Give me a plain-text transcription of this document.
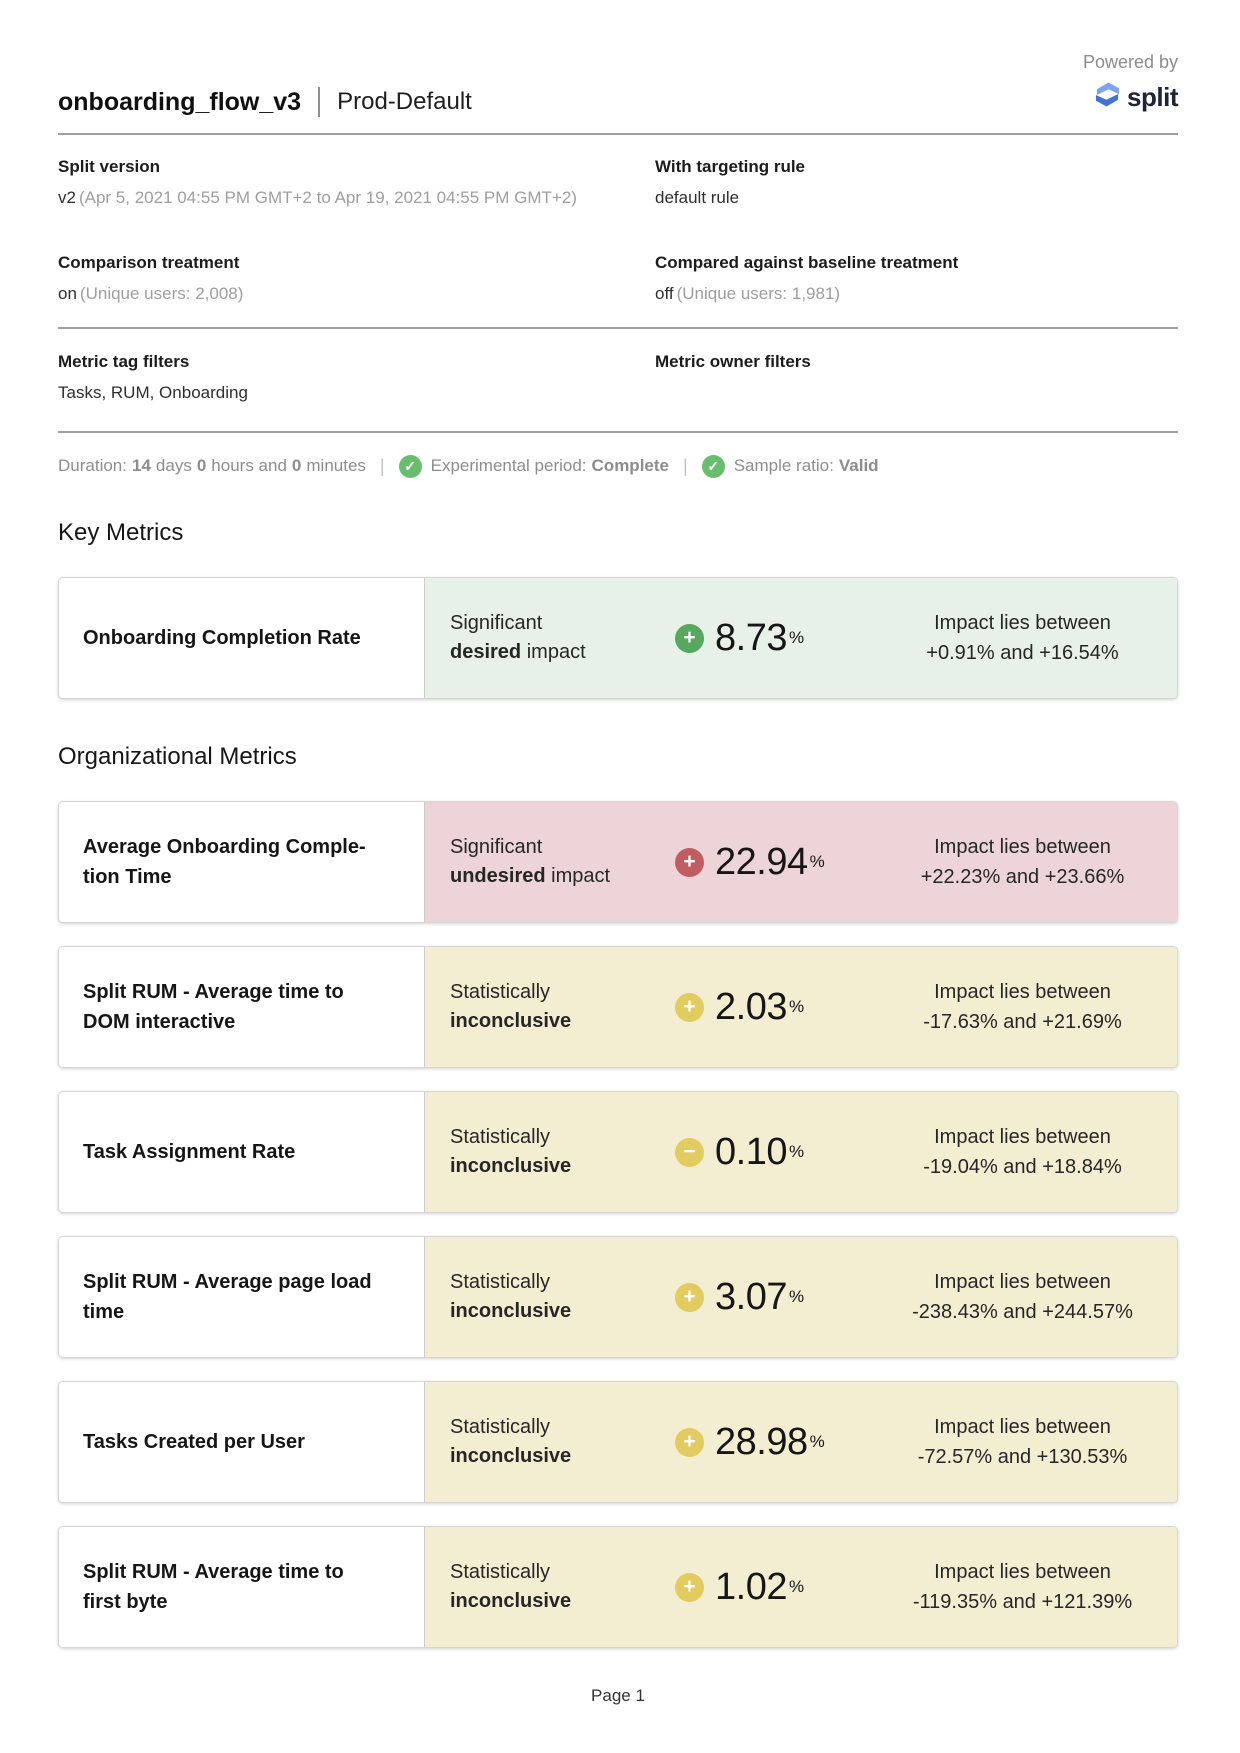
Powered by
split
onboarding_flow_v3 Prod-Default
Split version
v2 (Apr 5, 2021 04:55 PM GMT+2 to Apr 19, 2021 04:55 PM GMT+2)
With targeting rule
default rule
Comparison treatment
on (Unique users: 2,008)
Compared against baseline treatment
off (Unique users: 1,981)
Metric tag filters
Tasks, RUM, Onboarding
Metric owner filters
Duration: 14 days 0 hours and 0 minutes |	✓ Experimental period: Complete |	✓ Sample ratio: Valid
Key Metrics
Onboarding Completion Rate
Significant
desired impact
+ 8.73 %
Impact lies between
+0.91% and +16.54%
Organizational Metrics
Average Onboarding Comple-
tion Time
Significant
undesired impact
+ 22.94 %
Impact lies between
+22.23% and +23.66%
Split RUM - Average time to
DOM interactive
Statistically
inconclusive
+ 2.03 %
Impact lies between
-17.63% and +21.69%
Task Assignment Rate
Statistically
inconclusive
− 0.10 %
Impact lies between
-19.04% and +18.84%
Split RUM - Average page load
time
Statistically
inconclusive
+ 3.07 %
Impact lies between
-238.43% and +244.57%
Tasks Created per User
Statistically
inconclusive
+ 28.98 %
Impact lies between
-72.57% and +130.53%
Split RUM - Average time to
first byte
Statistically
inconclusive
+ 1.02 %
Impact lies between
-119.35% and +121.39%
Page 1
